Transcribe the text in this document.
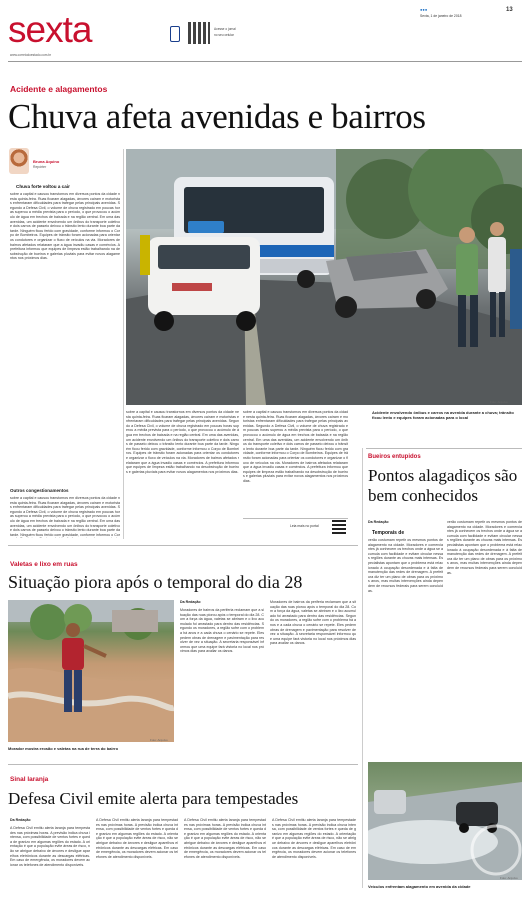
sexta
www.correiodoestado.com.br
Acesse o jornal
no seu celular
●●●
Sexta, 1 de janeiro de 2018
13
Acidente e alagamentos
Chuva afeta avenidas e bairros
Bruna Aquino
Repórter
Chuva forte voltou a cair
sobre a capital e causou transtornos em diversos pontos da cidade nesta quinta-feira. Ruas ficaram alagadas, árvores caíram e motoristas enfrentaram dificuldades para trafegar pelas principais avenidas. Segundo a Defesa Civil, o volume de chuva registrado em poucas horas superou a média prevista para o período, o que provocou o acúmulo de água em trechos de baixada e na região central. Em uma das avenidas, um acidente envolvendo um ônibus do transporte coletivo e dois carros de passeio deixou o trânsito lento durante boa parte da tarde. Ninguém ficou ferido com gravidade, conforme informou o Corpo de Bombeiros. Equipes de trânsito foram acionadas para orientar os condutores e organizar o fluxo de veículos na via. Moradores de bairros afetados relataram que a água invadiu casas e comércios. A prefeitura informou que equipes de limpeza estão trabalhando na desobstrução de bueiros e galerias pluviais para evitar novos alagamentos nos próximos dias.
Outros congestionamentos
sobre a capital e causou transtornos em diversos pontos da cidade nesta quinta-feira. Ruas ficaram alagadas, árvores caíram e motoristas enfrentaram dificuldades para trafegar pelas principais avenidas. Segundo a Defesa Civil, o volume de chuva registrado em poucas horas superou a média prevista para o período, o que provocou o acúmulo de água em trechos de baixada e na região central. Em uma das avenidas, um acidente envolvendo um ônibus do transporte coletivo e dois carros de passeio deixou o trânsito lento durante boa parte da tarde. Ninguém ficou ferido com gravidade, conforme informou o Cor
Foto: Arquivo
sobre a capital e causou transtornos em diversos pontos da cidade nesta quinta-feira. Ruas ficaram alagadas, árvores caíram e motoristas enfrentaram dificuldades para trafegar pelas principais avenidas. Segundo a Defesa Civil, o volume de chuva registrado em poucas horas superou a média prevista para o período, o que provocou o acúmulo de água em trechos de baixada e na região central. Em uma das avenidas, um acidente envolvendo um ônibus do transporte coletivo e dois carros de passeio deixou o trânsito lento durante boa parte da tarde. Ninguém ficou ferido com gravidade, conforme informou o Corpo de Bombeiros. Equipes de trânsito foram acionadas para orientar os condutores e organizar o fluxo de veículos na via. Moradores de bairros afetados relataram que a água invadiu casas e comércios. A prefeitura informou que equipes de limpeza estão trabalhando na desobstrução de bueiros e galerias pluviais para evitar novos alagamentos nos próximos dias.
sobre a capital e causou transtornos em diversos pontos da cidade nesta quinta-feira. Ruas ficaram alagadas, árvores caíram e motoristas enfrentaram dificuldades para trafegar pelas principais avenidas. Segundo a Defesa Civil, o volume de chuva registrado em poucas horas superou a média prevista para o período, o que provocou o acúmulo de água em trechos de baixada e na região central. Em uma das avenidas, um acidente envolvendo um ônibus do transporte coletivo e dois carros de passeio deixou o trânsito lento durante boa parte da tarde. Ninguém ficou ferido com gravidade, conforme informou o Corpo de Bombeiros. Equipes de trânsito foram acionadas para orientar os condutores e organizar o fluxo de veículos na via. Moradores de bairros afetados relataram que a água invadiu casas e comércios. A prefeitura informou que equipes de limpeza estão trabalhando na desobstrução de bueiros e galerias pluviais para evitar novos alagamentos nos próximos dias.
Leia mais no portal
Acidente envolvendo ônibus e carros na avenida durante a chuva; trânsito ficou lento e equipes foram acionadas para o local
Bueiros entupidos
Pontos alagadiços são bem conhecidos
Da Redação
Temporais de
verão costumam repetir os mesmos pontos de alagamento na cidade. Moradores e comerciantes já conhecem os trechos onde a água se acumula com facilidade e evitam circular nessas regiões durante as chuvas mais intensas. Especialistas apontam que o problema está relacionado à ocupação desordenada e à falta de manutenção das redes de drenagem. A prefeitura diz ter um plano de obras para os próximos anos, mas muitas intervenções ainda dependem de recursos federais para serem concluídas.
verão costumam repetir os mesmos pontos de alagamento na cidade. Moradores e comerciantes já conhecem os trechos onde a água se acumula com facilidade e evitam circular nessas regiões durante as chuvas mais intensas. Especialistas apontam que o problema está relacionado à ocupação desordenada e à falta de manutenção das redes de drenagem. A prefeitura diz ter um plano de obras para os próximos anos, mas muitas intervenções ainda dependem de recursos federais para serem concluídas.
Foto: Arquivo
Veículos enfrentam alagamento em avenida da cidade
Valetas e lixo em ruas
Situação piora após o temporal do dia 28
Foto: Arquivo
Morador mostra erosão e valetas na rua de terra do bairro
Da Redação
Moradores de bairros da periferia reclamam que a situação das ruas piorou após o temporal do dia 28. Com a força da água, valetas se abriram e o lixo acumulado foi arrastado para dentro das residências. Segundo os moradores, a região sofre com o problema há anos e a cada chuva o cenário se repete. Eles pedem obras de drenagem e pavimentação para resolver de vez a situação. A secretaria responsável informou que uma equipe fará vistoria no local nos próximos dias para avaliar os danos.
Moradores de bairros da periferia reclamam que a situação das ruas piorou após o temporal do dia 28. Com a força da água, valetas se abriram e o lixo acumulado foi arrastado para dentro das residências. Segundo os moradores, a região sofre com o problema há anos e a cada chuva o cenário se repete. Eles pedem obras de drenagem e pavimentação para resolver de vez a situação. A secretaria responsável informou que uma equipe fará vistoria no local nos próximos dias para avaliar os danos.
Sinal laranja
Defesa Civil emite alerta para tempestades
Da Redação
A Defesa Civil emitiu alerta laranja para tempestades nas próximas horas. A previsão indica chuva intensa, com possibilidade de ventos fortes e queda de granizo em algumas regiões do estado. A orientação é que a população evite áreas de risco, não se abrigue debaixo de árvores e desligue aparelhos eletrônicos durante as descargas elétricas. Em caso de emergência, os moradores devem acionar os telefones de atendimento disponíveis.
A Defesa Civil emitiu alerta laranja para tempestades nas próximas horas. A previsão indica chuva intensa, com possibilidade de ventos fortes e queda de granizo em algumas regiões do estado. A orientação é que a população evite áreas de risco, não se abrigue debaixo de árvores e desligue aparelhos eletrônicos durante as descargas elétricas. Em caso de emergência, os moradores devem acionar os telefones de atendimento disponíveis.
A Defesa Civil emitiu alerta laranja para tempestades nas próximas horas. A previsão indica chuva intensa, com possibilidade de ventos fortes e queda de granizo em algumas regiões do estado. A orientação é que a população evite áreas de risco, não se abrigue debaixo de árvores e desligue aparelhos eletrônicos durante as descargas elétricas. Em caso de emergência, os moradores devem acionar os telefones de atendimento disponíveis.
A Defesa Civil emitiu alerta laranja para tempestades nas próximas horas. A previsão indica chuva intensa, com possibilidade de ventos fortes e queda de granizo em algumas regiões do estado. A orientação é que a população evite áreas de risco, não se abrigue debaixo de árvores e desligue aparelhos eletrônicos durante as descargas elétricas. Em caso de emergência, os moradores devem acionar os telefones de atendimento disponíveis.
